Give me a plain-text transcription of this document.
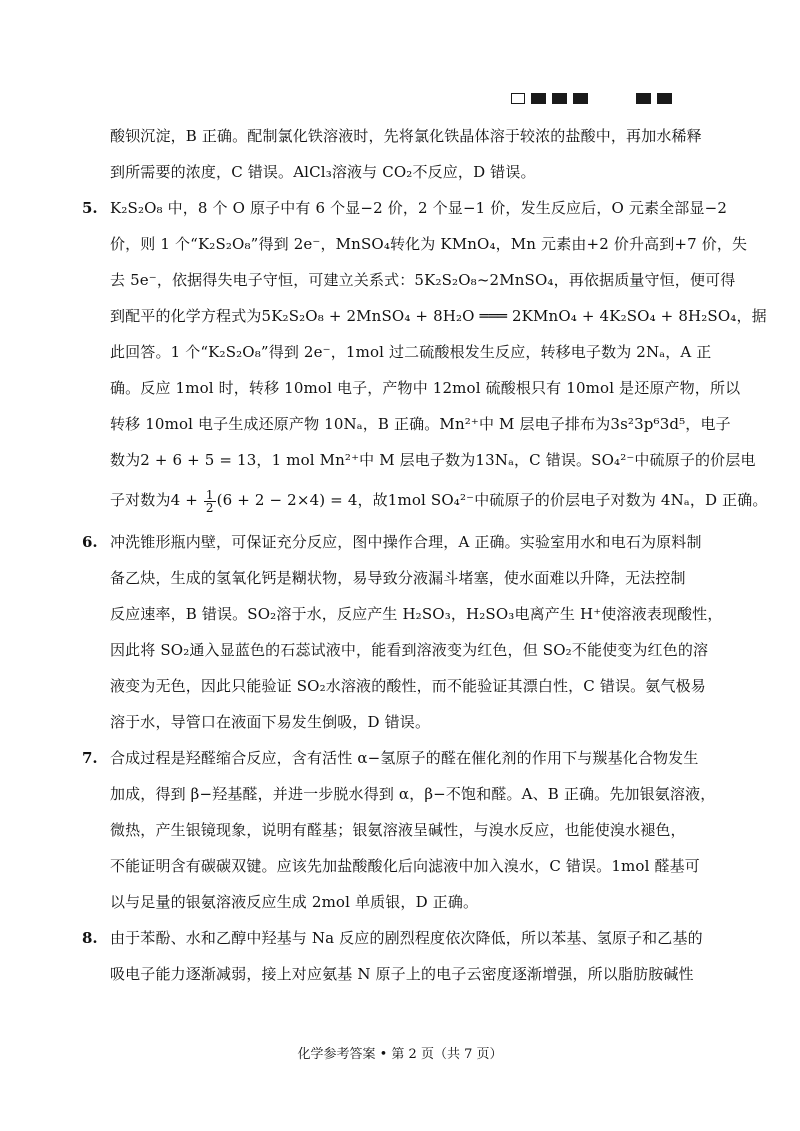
酸钡沉淀，B 正确。配制氯化铁溶液时，先将氯化铁晶体溶于较浓的盐酸中，再加水稀释
到所需要的浓度，C 错误。AlCl₃溶液与 CO₂不反应，D 错误。
5. K₂S₂O₈ 中，8 个 O 原子中有 6 个显−2 价，2 个显−1 价，发生反应后，O 元素全部显−2
价，则 1 个“K₂S₂O₈”得到 2e⁻，MnSO₄转化为 KMnO₄，Mn 元素由+2 价升高到+7 价，失
去 5e⁻，依据得失电子守恒，可建立关系式：5K₂S₂O₈~2MnSO₄，再依据质量守恒，便可得
到配平的化学方程式为5K₂S₂O₈ + 2MnSO₄ + 8H₂O ═══ 2KMnO₄ + 4K₂SO₄ + 8H₂SO₄，据
此回答。1 个“K₂S₂O₈”得到 2e⁻，1mol 过二硫酸根发生反应，转移电子数为 2Nₐ，A 正
确。反应 1mol 时，转移 10mol 电子，产物中 12mol 硫酸根只有 10mol 是还原产物，所以
转移 10mol 电子生成还原产物 10Nₐ，B 正确。Mn²⁺中 M 层电子排布为3s²3p⁶3d⁵，电子
数为2 + 6 + 5 = 13，1 mol Mn²⁺中 M 层电子数为13Nₐ，C 错误。SO₄²⁻中硫原子的价层电
子对数为$4 + \frac{1}{2} (6 + 2 - 2\times 4) = 4$，故1mol SO₄²⁻中硫原子的价层电子对数为 4Nₐ，D 正确。
6. 冲洗锥形瓶内壁，可保证充分反应，图中操作合理，A 正确。实验室用水和电石为原料制
备乙炔，生成的氢氧化钙是糊状物，易导致分液漏斗堵塞，使水面难以升降，无法控制
反应速率，B 错误。SO₂溶于水，反应产生 H₂SO₃，H₂SO₃电离产生 H⁺使溶液表现酸性，
因此将 SO₂通入显蓝色的石蕊试液中，能看到溶液变为红色，但 SO₂不能使变为红色的溶
液变为无色，因此只能验证 SO₂水溶液的酸性，而不能验证其漂白性，C 错误。氨气极易
溶于水，导管口在液面下易发生倒吸，D 错误。
7. 合成过程是羟醛缩合反应，含有活性 α−氢原子的醛在催化剂的作用下与羰基化合物发生
加成，得到 β−羟基醛，并进一步脱水得到 α，β−不饱和醛。A、B 正确。先加银氨溶液，
微热，产生银镜现象，说明有醛基；银氨溶液呈碱性，与溴水反应，也能使溴水褪色，
不能证明含有碳碳双键。应该先加盐酸酸化后向滤液中加入溴水，C 错误。1mol 醛基可
以与足量的银氨溶液反应生成 2mol 单质银，D 正确。
8. 由于苯酚、水和乙醇中羟基与 Na 反应的剧烈程度依次降低，所以苯基、氢原子和乙基的
吸电子能力逐渐减弱，接上对应氨基 N 原子上的电子云密度逐渐增强，所以脂肪胺碱性
化学参考答案 • 第 2 页（共 7 页）
